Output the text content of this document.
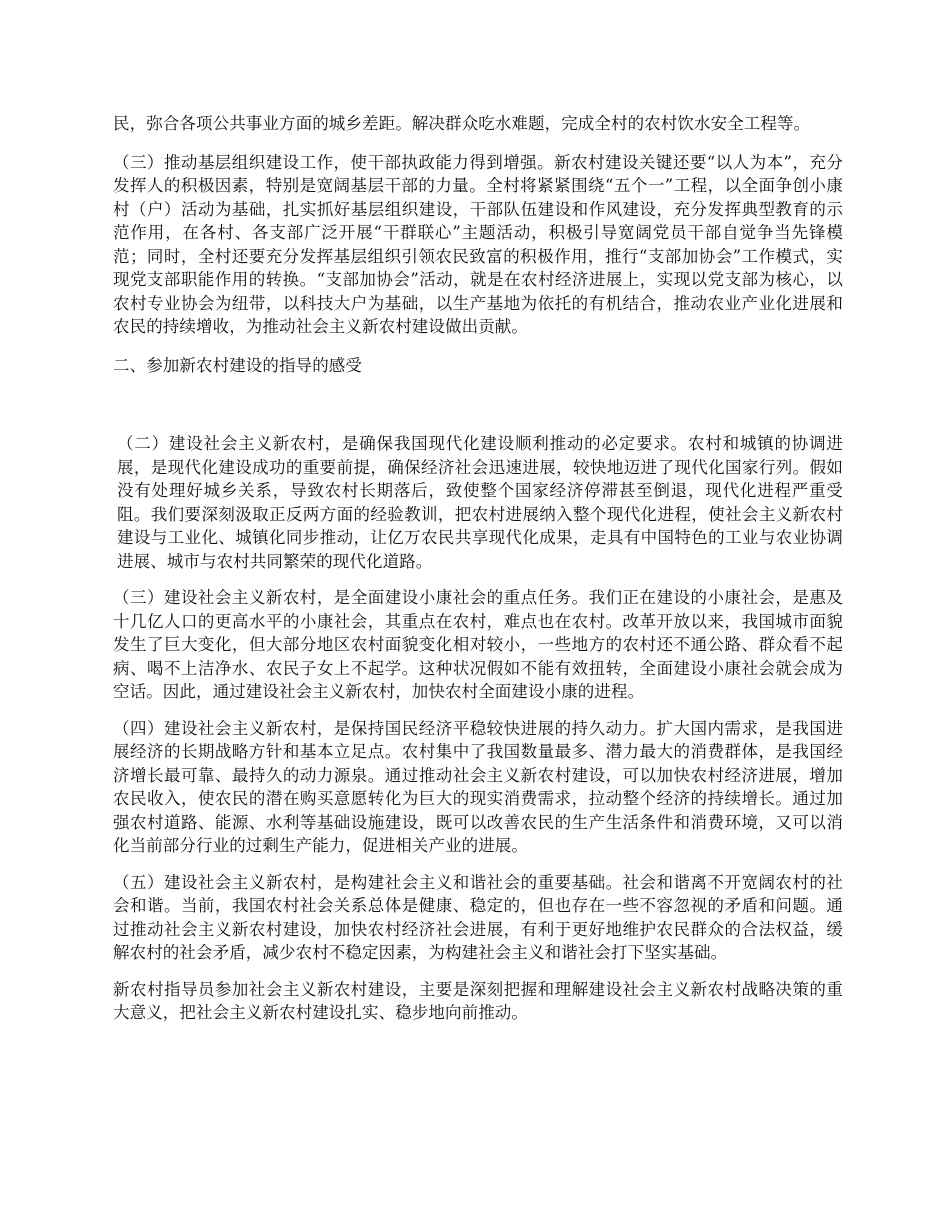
民，弥合各项公共事业方面的城乡差距。解决群众吃水难题，完成全村的农村饮水安全工程等。

（三）推动基层组织建设工作，使干部执政能力得到增强。新农村建设关键还要“以人为本”，充分发挥人的积极因素，特别是宽阔基层干部的力量。全村将紧紧围绕“五个一”工程，以全面争创小康村（户）活动为基础，扎实抓好基层组织建设，干部队伍建设和作风建设，充分发挥典型教育的示范作用，在各村、各支部广泛开展“干群联心”主题活动，积极引导宽阔党员干部自觉争当先锋模范；同时，全村还要充分发挥基层组织引领农民致富的积极作用，推行“支部加协会”工作模式，实现党支部职能作用的转换。“支部加协会”活动，就是在农村经济进展上，实现以党支部为核心，以农村专业协会为纽带，以科技大户为基础，以生产基地为依托的有机结合，推动农业产业化进展和农民的持续增收，为推动社会主义新农村建设做出贡献。

二、参加新农村建设的指导的感受

（二）建设社会主义新农村，是确保我国现代化建设顺利推动的必定要求。农村和城镇的协调进展，是现代化建设成功的重要前提，确保经济社会迅速进展，较快地迈进了现代化国家行列。假如没有处理好城乡关系，导致农村长期落后，致使整个国家经济停滞甚至倒退，现代化进程严重受阻。我们要深刻汲取正反两方面的经验教训，把农村进展纳入整个现代化进程，使社会主义新农村建设与工业化、城镇化同步推动，让亿万农民共享现代化成果，走具有中国特色的工业与农业协调进展、城市与农村共同繁荣的现代化道路。

（三）建设社会主义新农村，是全面建设小康社会的重点任务。我们正在建设的小康社会，是惠及十几亿人口的更高水平的小康社会，其重点在农村，难点也在农村。改革开放以来，我国城市面貌发生了巨大变化，但大部分地区农村面貌变化相对较小，一些地方的农村还不通公路、群众看不起病、喝不上洁净水、农民子女上不起学。这种状况假如不能有效扭转，全面建设小康社会就会成为空话。因此，通过建设社会主义新农村，加快农村全面建设小康的进程。

（四）建设社会主义新农村，是保持国民经济平稳较快进展的持久动力。扩大国内需求，是我国进展经济的长期战略方针和基本立足点。农村集中了我国数量最多、潜力最大的消费群体，是我国经济增长最可靠、最持久的动力源泉。通过推动社会主义新农村建设，可以加快农村经济进展，增加农民收入，使农民的潜在购买意愿转化为巨大的现实消费需求，拉动整个经济的持续增长。通过加强农村道路、能源、水利等基础设施建设，既可以改善农民的生产生活条件和消费环境，又可以消化当前部分行业的过剩生产能力，促进相关产业的进展。

（五）建设社会主义新农村，是构建社会主义和谐社会的重要基础。社会和谐离不开宽阔农村的社会和谐。当前，我国农村社会关系总体是健康、稳定的，但也存在一些不容忽视的矛盾和问题。通过推动社会主义新农村建设，加快农村经济社会进展，有利于更好地维护农民群众的合法权益，缓解农村的社会矛盾，减少农村不稳定因素，为构建社会主义和谐社会打下坚实基础。

新农村指导员参加社会主义新农村建设，主要是深刻把握和理解建设社会主义新农村战略决策的重大意义，把社会主义新农村建设扎实、稳步地向前推动。
